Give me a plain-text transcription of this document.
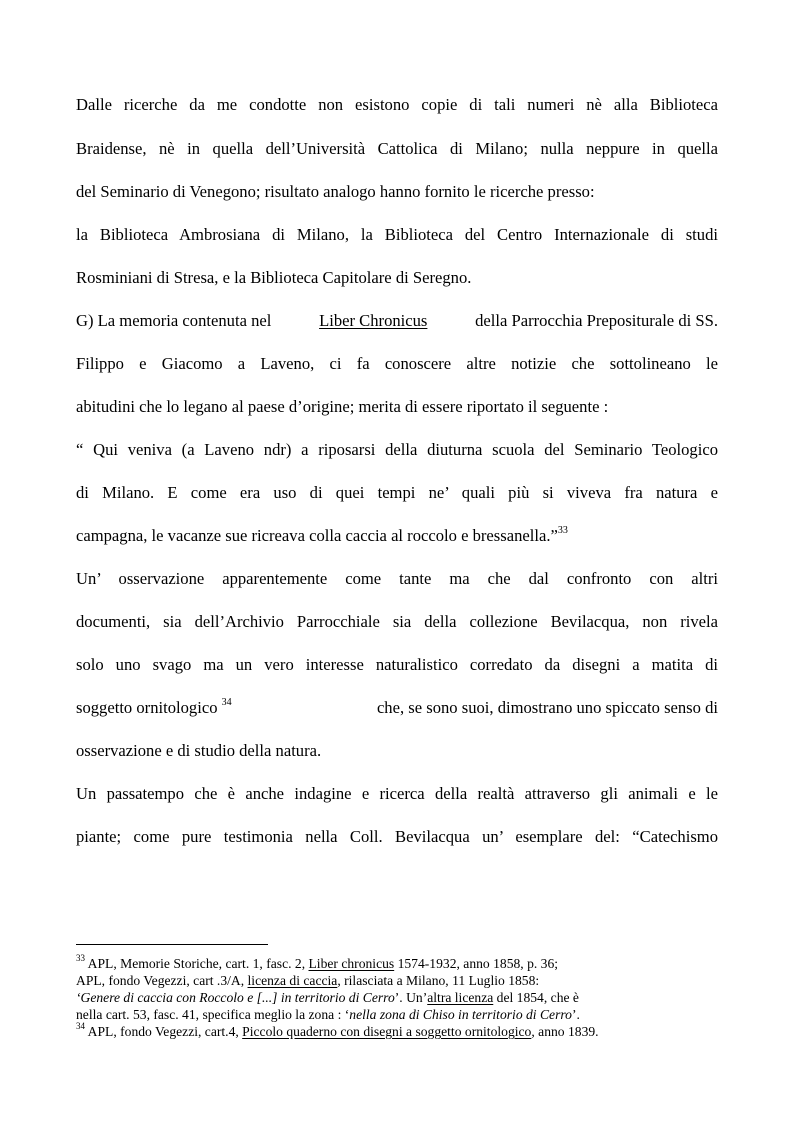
Dalle ricerche da me condotte non esistono copie di tali numeri nè alla Biblioteca
Braidense, nè in quella dell’Università Cattolica di Milano; nulla neppure in quella
del Seminario di Venegono; risultato analogo hanno fornito le ricerche presso:
la Biblioteca Ambrosiana di Milano, la Biblioteca del Centro Internazionale di studi
Rosminiani di Stresa, e la Biblioteca Capitolare di Seregno.
G) La memoria contenuta nel	Liber Chronicus	della Parrocchia Prepositurale di SS.
Filippo e Giacomo a Laveno, ci fa conoscere altre notizie che sottolineano le
abitudini che lo legano al paese d’origine; merita di essere riportato il seguente :
“ Qui veniva (a Laveno ndr) a riposarsi della diuturna scuola del Seminario Teologico
di Milano. E come era uso di quei tempi ne’ quali più si viveva fra natura e
campagna, le vacanze sue ricreava colla caccia al roccolo e bressanella.”$^{33}$
Un’ osservazione apparentemente come tante ma che dal confronto con altri
documenti, sia dell’Archivio Parrocchiale sia della collezione Bevilacqua, non rivela
solo uno svago ma un vero interesse naturalistico corredato da disegni a matita di
soggetto ornitologico $^{34}$	che, se sono suoi, dimostrano uno spiccato senso di
osservazione e di studio della natura.
Un passatempo che è anche indagine e ricerca della realtà attraverso gli animali e le
piante; come pure testimonia nella Coll. Bevilacqua un’ esemplare del: “Catechismo
$^{33}$ APL, Memorie Storiche, cart. 1, fasc. 2, Liber chronicus 1574-1932, anno 1858, p. 36;
APL, fondo Vegezzi, cart .3/A, licenza di caccia, rilasciata a Milano, 11 Luglio 1858:
‘Genere di caccia con Roccolo e [...] in territorio di Cerro’. Un’altra licenza del 1854, che è
nella cart. 53, fasc. 41, specifica meglio la zona : ‘nella zona di Chiso in territorio di Cerro’.
$^{34}$ APL, fondo Vegezzi, cart.4, Piccolo quaderno con disegni a soggetto ornitologico, anno 1839.
